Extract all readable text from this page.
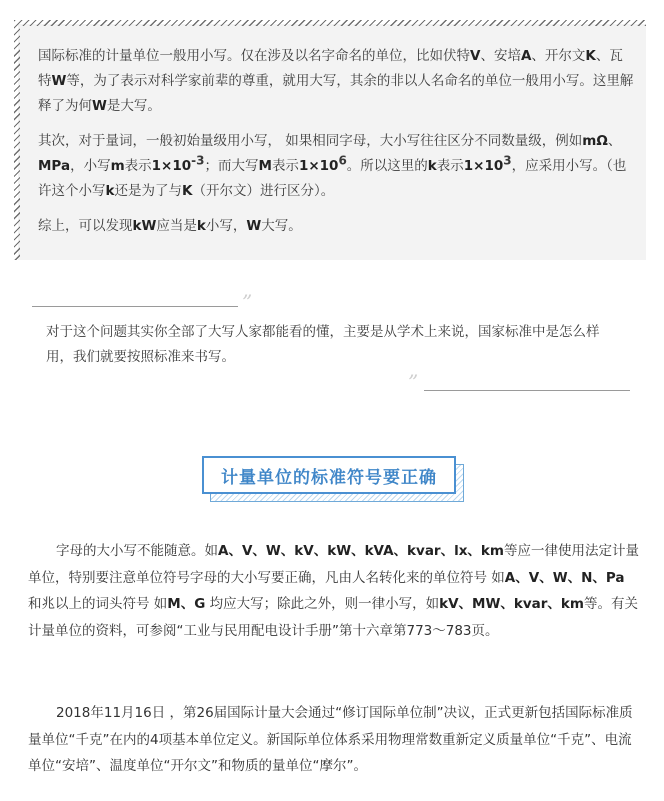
国际标准的计量单位一般用小写。仅在涉及以名字命名的单位，比如伏特V、安培A、开尔文K、瓦特W等，为了表示对科学家前辈的尊重，就用大写，其余的非以人名命名的单位一般用小写。这里解释了为何W是大写。

其次，对于量词，一般初始量级用小写， 如果相同字母，大小写往往区分不同数量级，例如mΩ、MPa，小写m表示$1\times 10^{-3}$；而大写M表示$1\times 10^6$。所以这里的k表示$1\times 10^3$，应采用小写。（也许这个小写k还是为了与K（开尔文）进行区分）。

综上，可以发现kW应当是k小写，W大写。

”
对于这个问题其实你全部了大写人家都能看的懂，主要是从学术上来说，国家标准中是怎么样用，我们就要按照标准来书写。
”
计量单位的标准符号要正确

字母的大小写不能随意。如A、V、W、kV、kW、kVA、kvar、lx、km等应一律使用法定计量单位，特别要注意单位符号字母的大小写要正确，凡由人名转化来的单位符号 如A、V、W、N、Pa 和兆以上的词头符号 如M、G 均应大写；除此之外，则一律小写，如kV、MW、kvar、km等。有关计量单位的资料，可参阅“工业与民用配电设计手册”第十六章第773～783页。

2018年11月16日 ，第26届国际计量大会通过“修订国际单位制”决议，正式更新包括国际标准质量单位“千克”在内的4项基本单位定义。新国际单位体系采用物理常数重新定义质量单位“千克”、电流单位“安培”、温度单位“开尔文”和物质的量单位“摩尔”。
